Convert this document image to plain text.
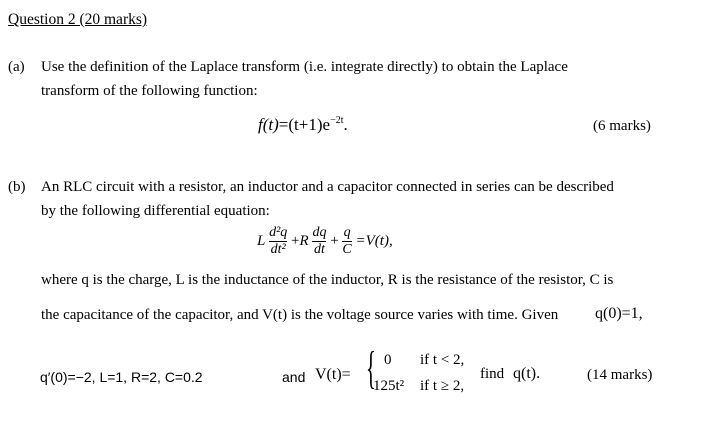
Question 2 (20 marks)
(a) Use the definition of the Laplace transform (i.e. integrate directly) to obtain the Laplace
transform of the following function:
$f(t)=(t+1)e^{-2t}$.	(6 marks)
(b) An RLC circuit with a resistor, an inductor and a capacitor connected in series can be described
by the following differential equation:
L $\frac{\text{d²q}}{\text{dt²}} +R \frac{dq}{dt} + \frac{q}{C} =V(t)$,
where q is the charge, L is the inductance of the inductor, R is the resistance of the resistor, C is
the capacitance of the capacitor, and V(t) is the voltage source varies with time. Given q(0)=1,
q′(0)=−2, L=1, R=2, C=0.2	and V(t)= { 0 if t < 2,
125t² if t ≥ 2,
find q(t).	(14 marks)
